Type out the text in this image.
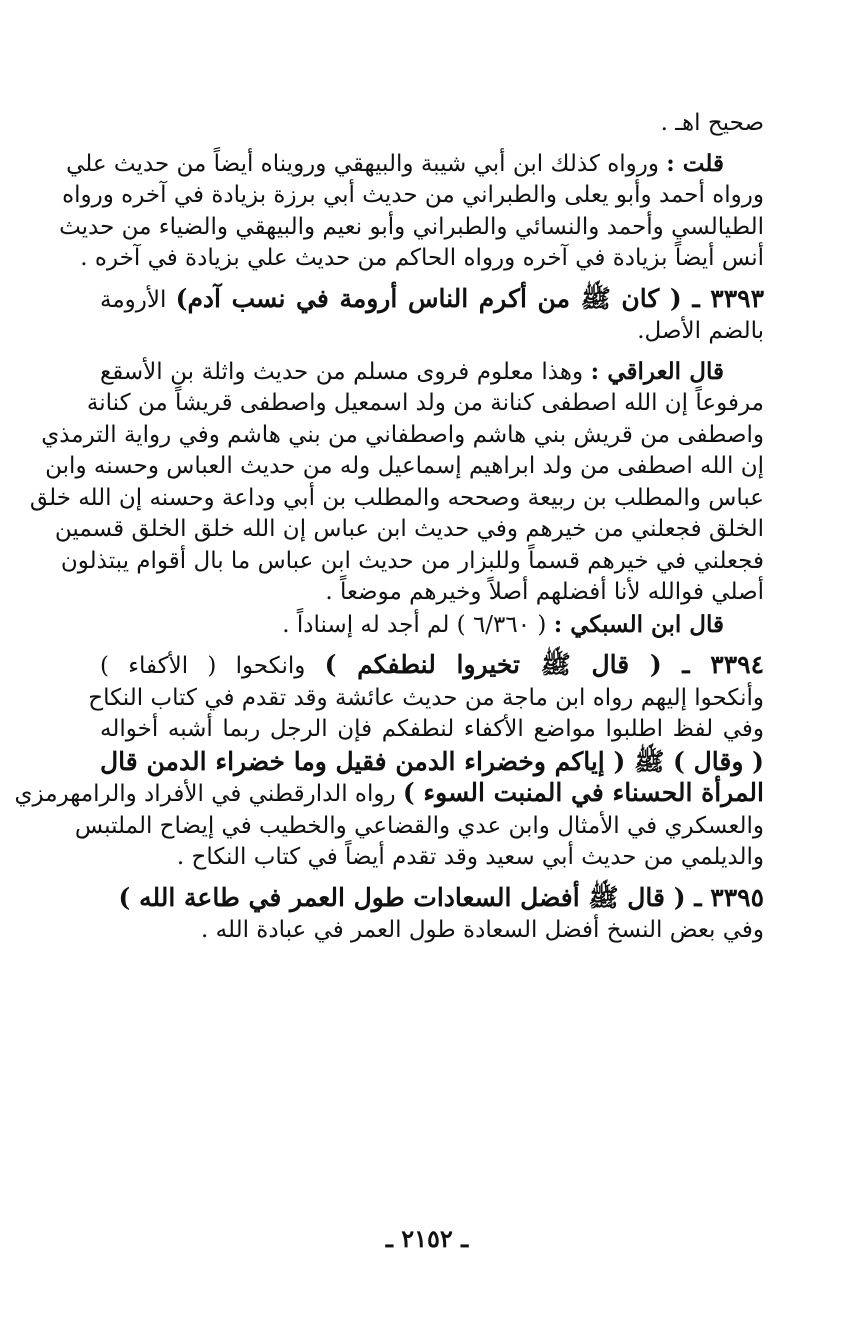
صحيح اهـ .
قلت : ورواه كذلك ابن أبي شيبة والبيهقي ورويناه أيضاً من حديث علي
ورواه أحمد وأبو يعلى والطبراني من حديث أبي برزة بزيادة في آخره ورواه
الطيالسي وأحمد والنسائي والطبراني وأبو نعيم والبيهقي والضياء من حديث
أنس أيضاً بزيادة في آخره ورواه الحاكم من حديث علي بزيادة في آخره .
٣٣٩٣ ـ ( كان ﷺ من أكرم الناس أرومة في نسب آدم) الأرومة
بالضم الأصل.
قال العراقي : وهذا معلوم فروى مسلم من حديث واثلة بن الأسقع
مرفوعاً إن الله اصطفى كنانة من ولد اسمعيل واصطفى قريشاً من كنانة
واصطفى من قريش بني هاشم واصطفاني من بني هاشم وفي رواية الترمذي
إن الله اصطفى من ولد ابراهيم إسماعيل وله من حديث العباس وحسنه وابن
عباس والمطلب بن ربيعة وصححه والمطلب بن أبي وداعة وحسنه إن الله خلق
الخلق فجعلني من خيرهم وفي حديث ابن عباس إن الله خلق الخلق قسمين
فجعلني في خيرهم قسماً وللبزار من حديث ابن عباس ما بال أقوام يبتذلون
أصلي فوالله لأنا أفضلهم أصلاً وخيرهم موضعاً .
قال ابن السبكي : ( ٦/٣٦٠ ) لم أجد له إسناداً .
٣٣٩٤ ـ ( قال ﷺ تخيروا لنطفكم ) وانكحوا ( الأكفاء )
وأنكحوا إليهم رواه ابن ماجة من حديث عائشة وقد تقدم في كتاب النكاح
وفي لفظ اطلبوا مواضع الأكفاء لنطفكم فإن الرجل ربما أشبه أخواله
( وقال ) ﷺ ( إياكم وخضراء الدمن فقيل وما خضراء الدمن قال
المرأة الحسناء في المنبت السوء ) رواه الدارقطني في الأفراد والرامهرمزي
والعسكري في الأمثال وابن عدي والقضاعي والخطيب في إيضاح الملتبس
والديلمي من حديث أبي سعيد وقد تقدم أيضاً في كتاب النكاح .
٣٣٩٥ ـ ( قال ﷺ أفضل السعادات طول العمر في طاعة الله )
وفي بعض النسخ أفضل السعادة طول العمر في عبادة الله .
ـ ٢١٥٢ ـ
